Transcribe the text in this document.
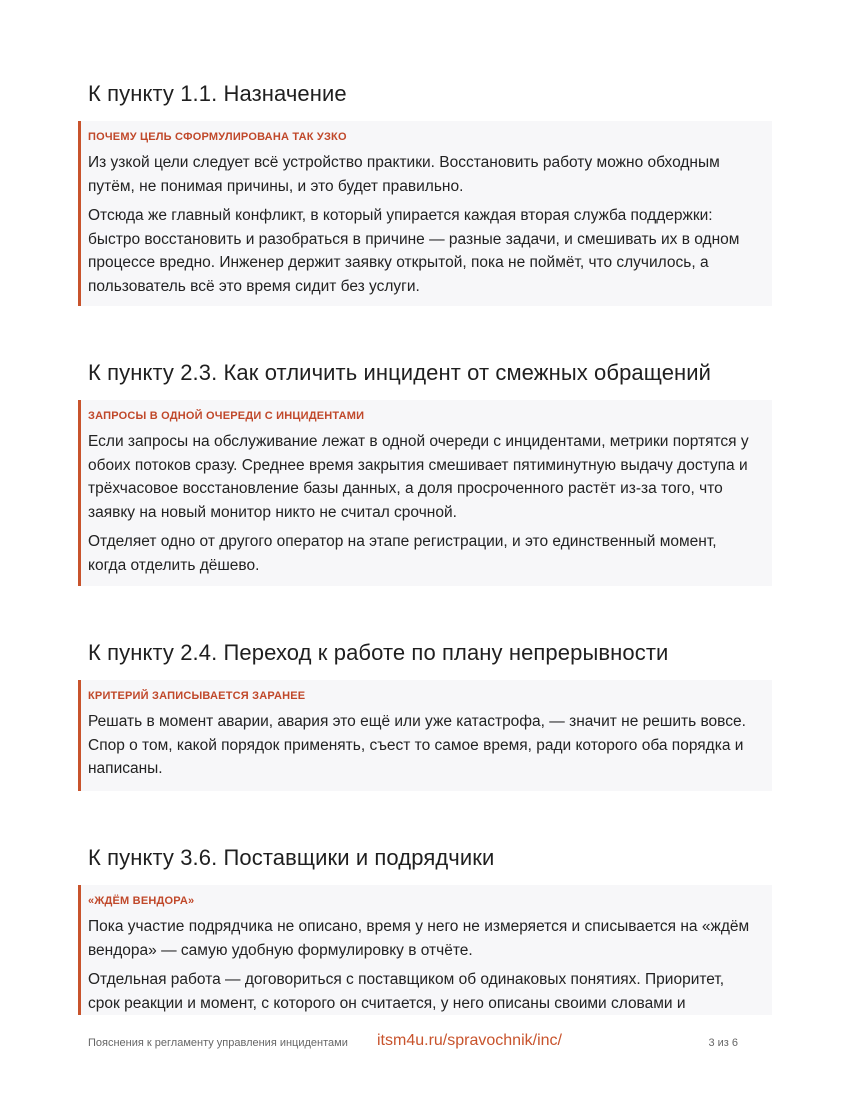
К пункту 1.1. Назначение
ПОЧЕМУ ЦЕЛЬ СФОРМУЛИРОВАНА ТАК УЗКО

Из узкой цели следует всё устройство практики. Восстановить работу можно обходным путём, не понимая причины, и это будет правильно.

Отсюда же главный конфликт, в который упирается каждая вторая служба поддержки: быстро восстановить и разобраться в причине — разные задачи, и смешивать их в одном процессе вредно. Инженер держит заявку открытой, пока не поймёт, что случилось, а пользователь всё это время сидит без услуги.

К пункту 2.3. Как отличить инцидент от смежных обращений
ЗАПРОСЫ В ОДНОЙ ОЧЕРЕДИ С ИНЦИДЕНТАМИ

Если запросы на обслуживание лежат в одной очереди с инцидентами, метрики портятся у обоих потоков сразу. Среднее время закрытия смешивает пятиминутную выдачу доступа и трёхчасовое восстановление базы данных, а доля просроченного растёт из-за того, что заявку на новый монитор никто не считал срочной.

Отделяет одно от другого оператор на этапе регистрации, и это единственный момент, когда отделить дёшево.

К пункту 2.4. Переход к работе по плану непрерывности
КРИТЕРИЙ ЗАПИСЫВАЕТСЯ ЗАРАНЕЕ

Решать в момент аварии, авария это ещё или уже катастрофа, — значит не решить вовсе. Спор о том, какой порядок применять, съест то самое время, ради которого оба порядка и написаны.

К пункту 3.6. Поставщики и подрядчики
«ЖДЁМ ВЕНДОРА»

Пока участие подрядчика не описано, время у него не измеряется и списывается на «ждём вендора» — самую удобную формулировку в отчёте.

Отдельная работа — договориться с поставщиком об одинаковых понятиях. Приоритет, срок реакции и момент, с которого он считается, у него описаны своими словами и

Пояснения к регламенту управления инцидентами itsm4u.ru/spravochnik/inc/	3 из 6
